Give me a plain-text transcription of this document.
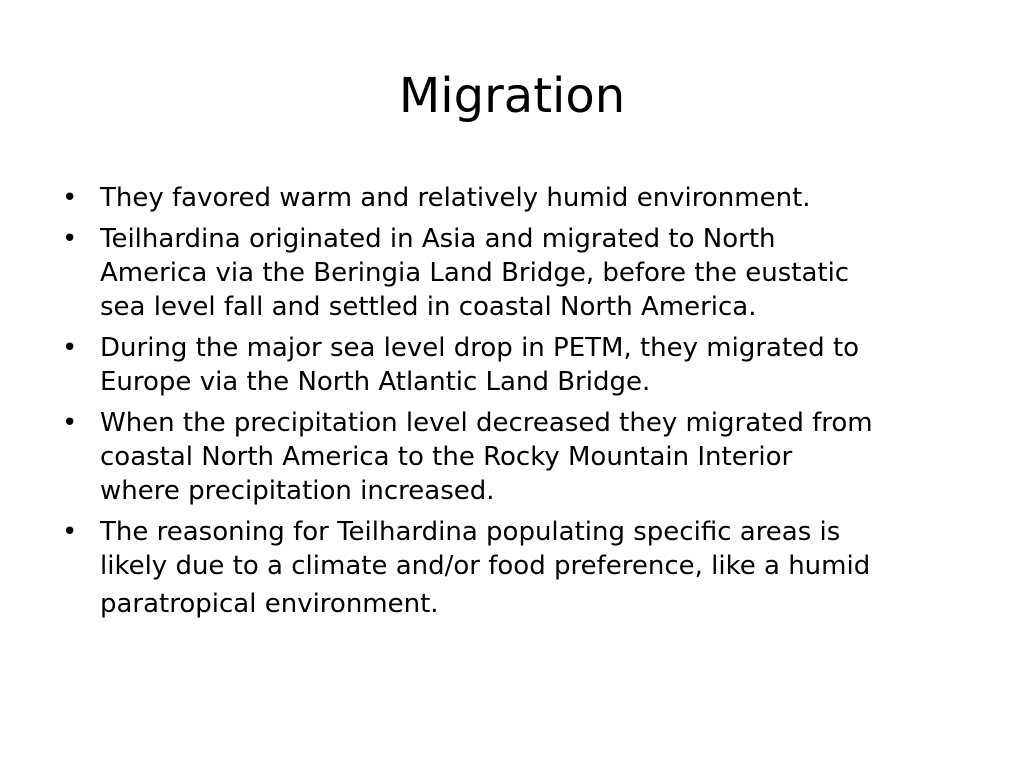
Migration
• They favored warm and relatively humid environment.
• Teilhardina originated in Asia and migrated to North
America via the Beringia Land Bridge, before the eustatic
sea level fall and settled in coastal North America.
• During the major sea level drop in PETM, they migrated to
Europe via the North Atlantic Land Bridge.
• When the precipitation level decreased they migrated from
coastal North America to the Rocky Mountain Interior
where precipitation increased.
• The reasoning for Teilhardina populating specific areas is
likely due to a climate and/or food preference, like a humid
paratropical environment.
